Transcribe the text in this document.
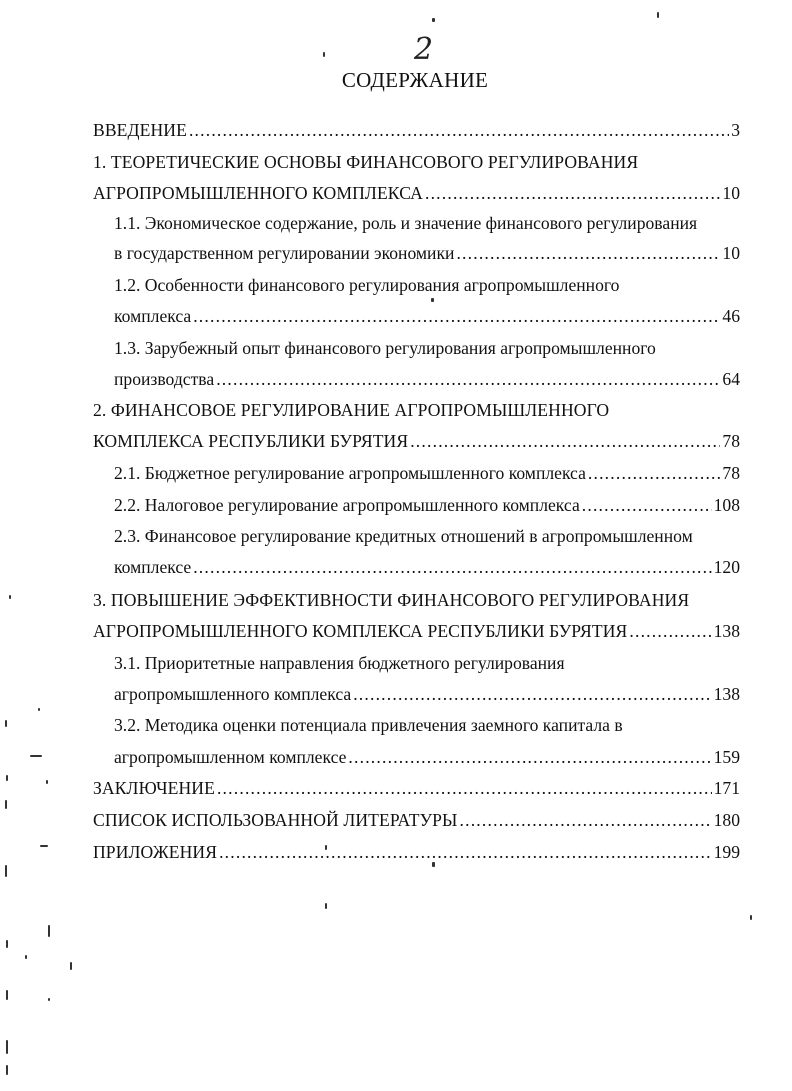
2
СОДЕРЖАНИЕ
ВВЕДЕНИЕ .....	3
1. ТЕОРЕТИЧЕСКИЕ ОСНОВЫ ФИНАНСОВОГО РЕГУЛИРОВАНИЯ
АГРОПРОМЫШЛЕННОГО КОМПЛЕКСА .....	10
1.1. Экономическое содержание, роль и значение финансового регулирования
в государственном регулировании экономики .....	10
1.2. Особенности финансового регулирования агропромышленного
комплекса .....	46
1.3. Зарубежный опыт финансового регулирования агропромышленного
производства .....	64
2. ФИНАНСОВОЕ РЕГУЛИРОВАНИЕ АГРОПРОМЫШЛЕННОГО
КОМПЛЕКСА РЕСПУБЛИКИ БУРЯТИЯ .....	78
2.1. Бюджетное регулирование агропромышленного комплекса .....	78
2.2. Налоговое регулирование агропромышленного комплекса .....	108
2.3. Финансовое регулирование кредитных отношений в агропромышленном
комплексе .....	120
3. ПОВЫШЕНИЕ ЭФФЕКТИВНОСТИ ФИНАНСОВОГО РЕГУЛИРОВАНИЯ
АГРОПРОМЫШЛЕННОГО КОМПЛЕКСА РЕСПУБЛИКИ БУРЯТИЯ .....	138
3.1. Приоритетные направления бюджетного регулирования
агропромышленного комплекса .....	138
3.2. Методика оценки потенциала привлечения заемного капитала в
агропромышленном комплексе .....	159
ЗАКЛЮЧЕНИЕ .....	171
СПИСОК ИСПОЛЬЗОВАННОЙ ЛИТЕРАТУРЫ .....	180
ПРИЛОЖЕНИЯ .....	199
